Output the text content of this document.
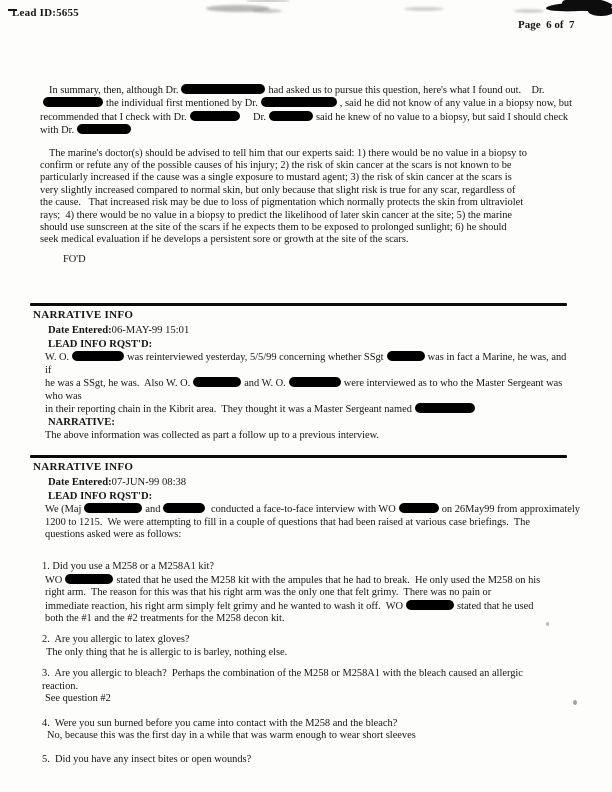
Lead ID:5655
Page  6 of  7
In summary, then, although Dr.	had asked us to pursue this question, here's what I found out.    Dr.
the individual first mentioned by Dr.	, said he did not know of any value in a biopsy now, but
recommended that I check with Dr.	Dr.	said he knew of no value to a biopsy, but said I should check
with Dr.
The marine's doctor(s) should be advised to tell him that our experts said: 1) there would be no value in a biopsy to
confirm or refute any of the possible causes of his injury; 2) the risk of skin cancer at the scars is not known to be
particularly increased if the cause was a single exposure to mustard agent; 3) the risk of skin cancer at the scars is
very slightly increased compared to normal skin, but only because that slight risk is true for any scar, regardless of
the cause.   That increased risk may be due to loss of pigmentation which normally protects the skin from ultraviolet
rays;  4) there would be no value in a biopsy to predict the likelihood of later skin cancer at the site; 5) the marine
should use sunscreen at the site of the scars if he expects them to be exposed to prolonged sunlight; 6) he should
seek medical evaluation if he develops a persistent sore or growth at the site of the scars.
FO'D
NARRATIVE INFO
Date Entered:06-MAY-99 15:01
LEAD INFO RQST'D:
W. O.	was reinterviewed yesterday, 5/5/99 concerning whether SSgt	was in fact a Marine, he was, and
if
he was a SSgt, he was.  Also W. O.	and W. O.	were interviewed as to who the Master Sergeant was
who was
in their reporting chain in the Kibrit area.  They thought it was a Master Sergeant named
NARRATIVE:
The above information was collected as part a follow up to a previous interview.
NARRATIVE INFO
Date Entered:07-JUN-99 08:38
LEAD INFO RQST'D:
We (Maj	and	conducted a face-to-face interview with WO	on 26May99 from approximately
1200 to 1215.  We were attempting to fill in a couple of questions that had been raised at various case briefings.  The
questions asked were as follows:
1. Did you use a M258 or a M258A1 kit?
WO	stated that he used the M258 kit with the ampules that he had to break.  He only used the M258 on his
right arm.  The reason for this was that his right arm was the only one that felt grimy.  There was no pain or
immediate reaction, his right arm simply felt grimy and he wanted to wash it off.  WO	stated that he used
both the #1 and the #2 treatments for the M258 decon kit.
2.  Are you allergic to latex gloves?
The only thing that he is allergic to is barley, nothing else.
3.  Are you allergic to bleach?  Perhaps the combination of the M258 or M258A1 with the bleach caused an allergic
reaction.
See question #2
4.  Were you sun burned before you came into contact with the M258 and the bleach?
No, because this was the first day in a while that was warm enough to wear short sleeves
5.  Did you have any insect bites or open wounds?
